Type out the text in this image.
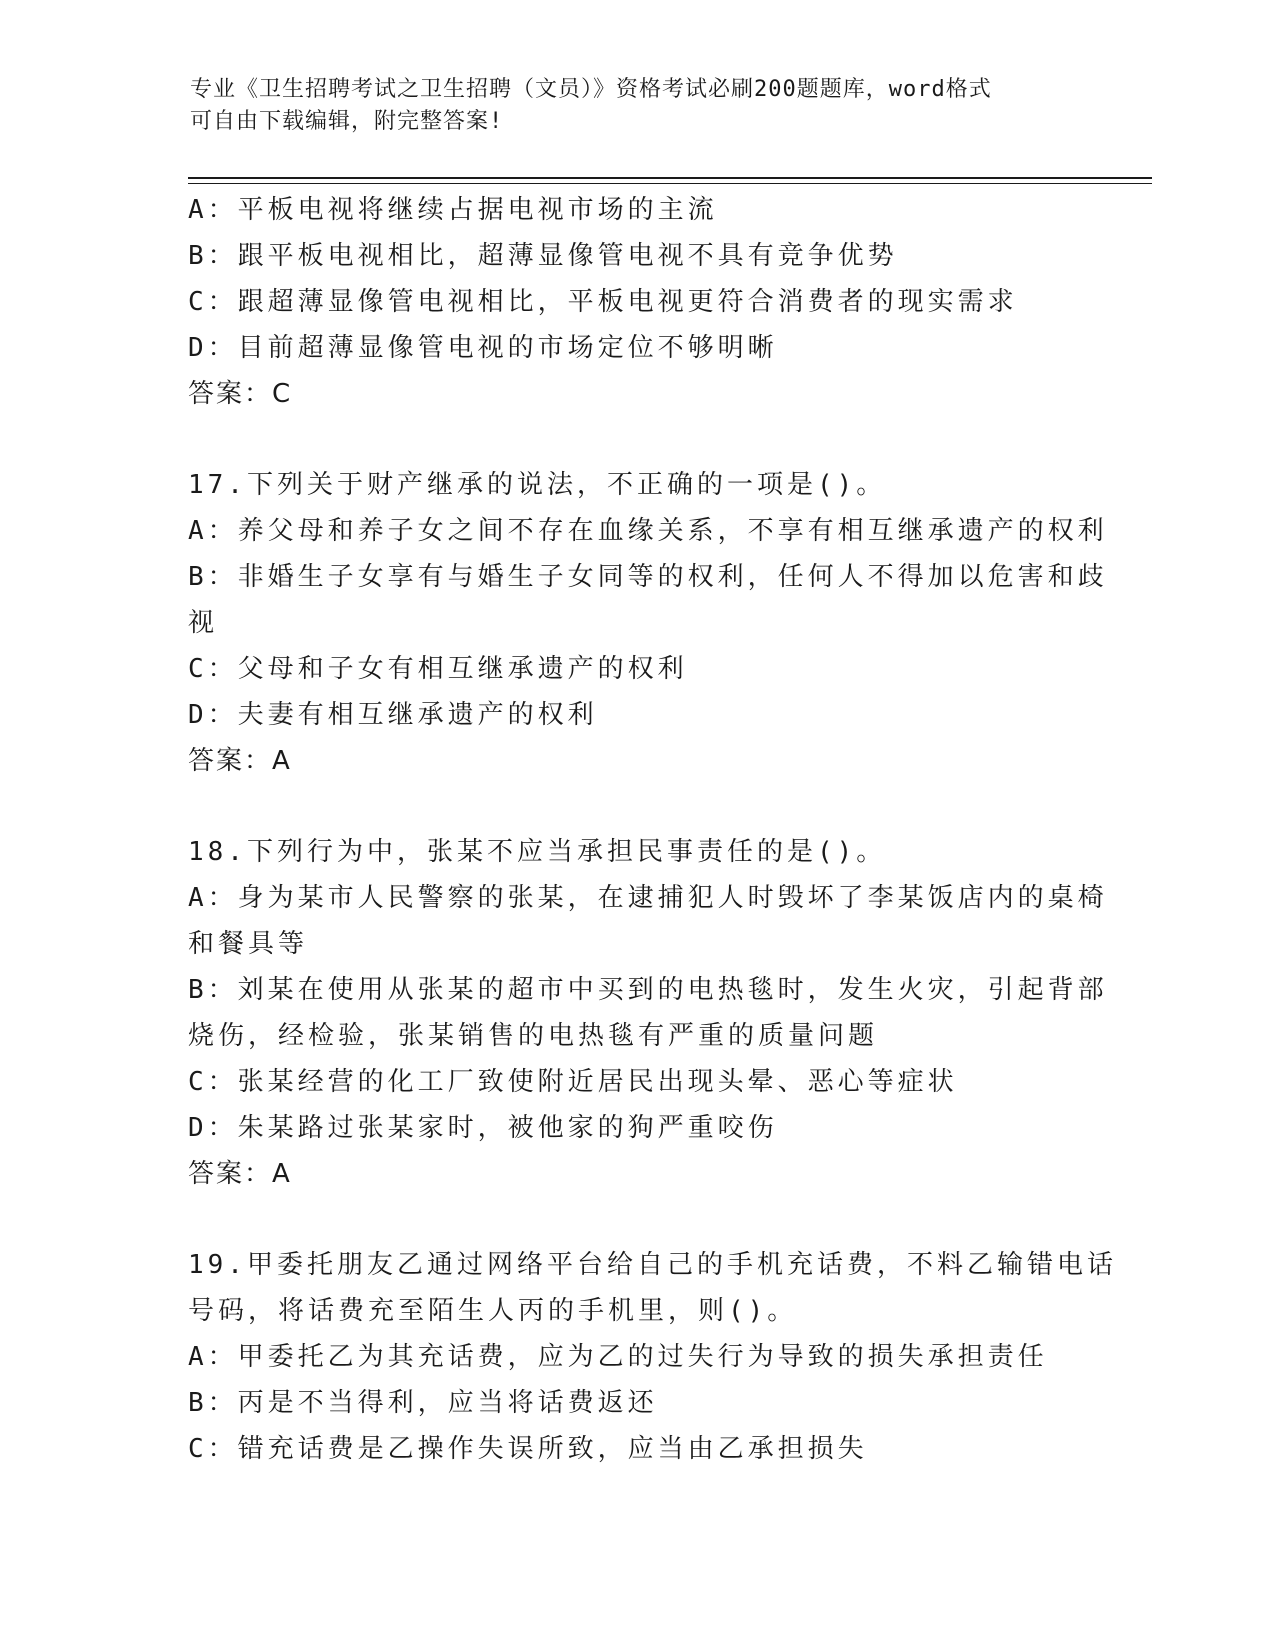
专业《卫生招聘考试之卫生招聘（文员）》资格考试必刷200题题库，word格式
可自由下载编辑，附完整答案!
A：平板电视将继续占据电视市场的主流
B：跟平板电视相比，超薄显像管电视不具有竞争优势
C：跟超薄显像管电视相比，平板电视更符合消费者的现实需求
D：目前超薄显像管电视的市场定位不够明晰
答案：C
17.下列关于财产继承的说法，不正确的一项是()。
A：养父母和养子女之间不存在血缘关系，不享有相互继承遗产的权利
B：非婚生子女享有与婚生子女同等的权利，任何人不得加以危害和歧
视
C：父母和子女有相互继承遗产的权利
D：夫妻有相互继承遗产的权利
答案：A
18.下列行为中，张某不应当承担民事责任的是()。
A：身为某市人民警察的张某，在逮捕犯人时毁坏了李某饭店内的桌椅
和餐具等
B：刘某在使用从张某的超市中买到的电热毯时，发生火灾，引起背部
烧伤，经检验，张某销售的电热毯有严重的质量问题
C：张某经营的化工厂致使附近居民出现头晕、恶心等症状
D：朱某路过张某家时，被他家的狗严重咬伤
答案：A
19.甲委托朋友乙通过网络平台给自己的手机充话费，不料乙输错电话
号码，将话费充至陌生人丙的手机里，则()。
A：甲委托乙为其充话费，应为乙的过失行为导致的损失承担责任
B：丙是不当得利，应当将话费返还
C：错充话费是乙操作失误所致，应当由乙承担损失
